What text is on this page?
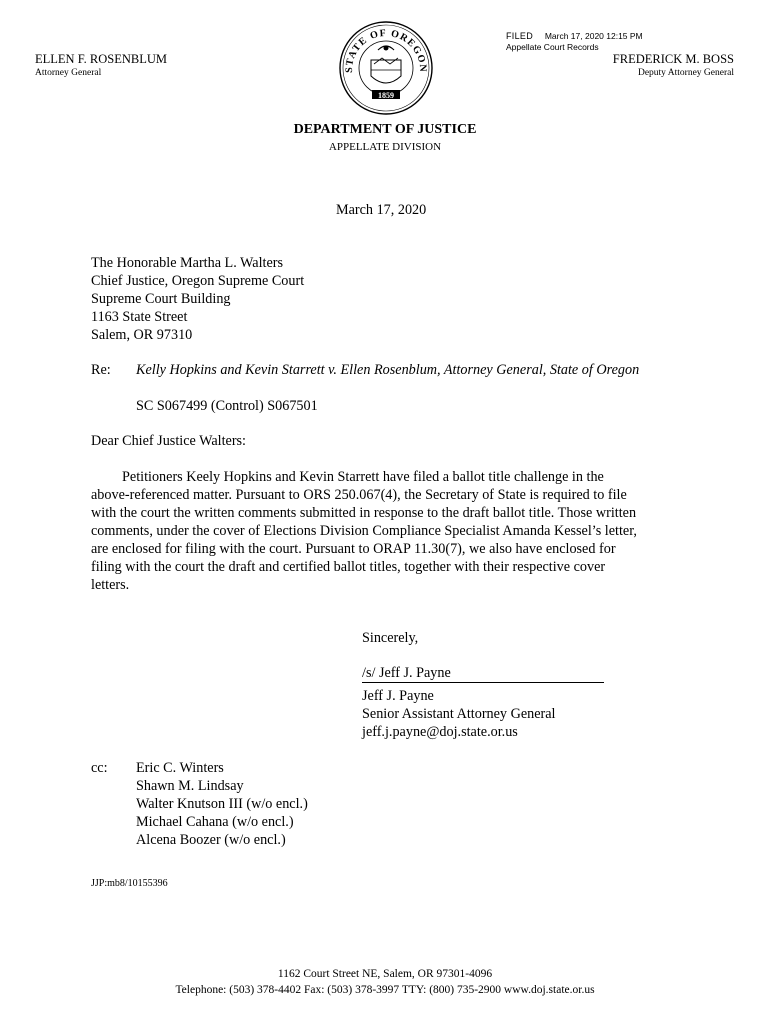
FILED March 17, 2020 12:15 PM
Appellate Court Records
STATE OF OREGON
1859
ELLEN F. ROSENBLUM
Attorney General
FREDERICK M. BOSS
Deputy Attorney General
DEPARTMENT OF JUSTICE
APPELLATE DIVISION
March 17, 2020
The Honorable Martha L. Walters
Chief Justice, Oregon Supreme Court
Supreme Court Building
1163 State Street
Salem, OR 97310
Re: Kelly Hopkins and Kevin Starrett v. Ellen Rosenblum, Attorney General, State of Oregon
SC S067499 (Control) S067501
Dear Chief Justice Walters:
Petitioners Keely Hopkins and Kevin Starrett have filed a ballot title challenge in the
above-referenced matter. Pursuant to ORS 250.067(4), the Secretary of State is required to file
with the court the written comments submitted in response to the draft ballot title. Those written
comments, under the cover of Elections Division Compliance Specialist Amanda Kessel’s letter,
are enclosed for filing with the court. Pursuant to ORAP 11.30(7), we also have enclosed for
filing with the court the draft and certified ballot titles, together with their respective cover
letters.
Sincerely,
/s/ Jeff J. Payne
Jeff J. Payne
Senior Assistant Attorney General
jeff.j.payne@doj.state.or.us
cc: Eric C. Winters
Shawn M. Lindsay
Walter Knutson III (w/o encl.)
Michael Cahana (w/o encl.)
Alcena Boozer (w/o encl.)
JJP:mb8/10155396
1162 Court Street NE, Salem, OR 97301-4096
Telephone: (503) 378-4402 Fax: (503) 378-3997 TTY: (800) 735-2900 www.doj.state.or.us
